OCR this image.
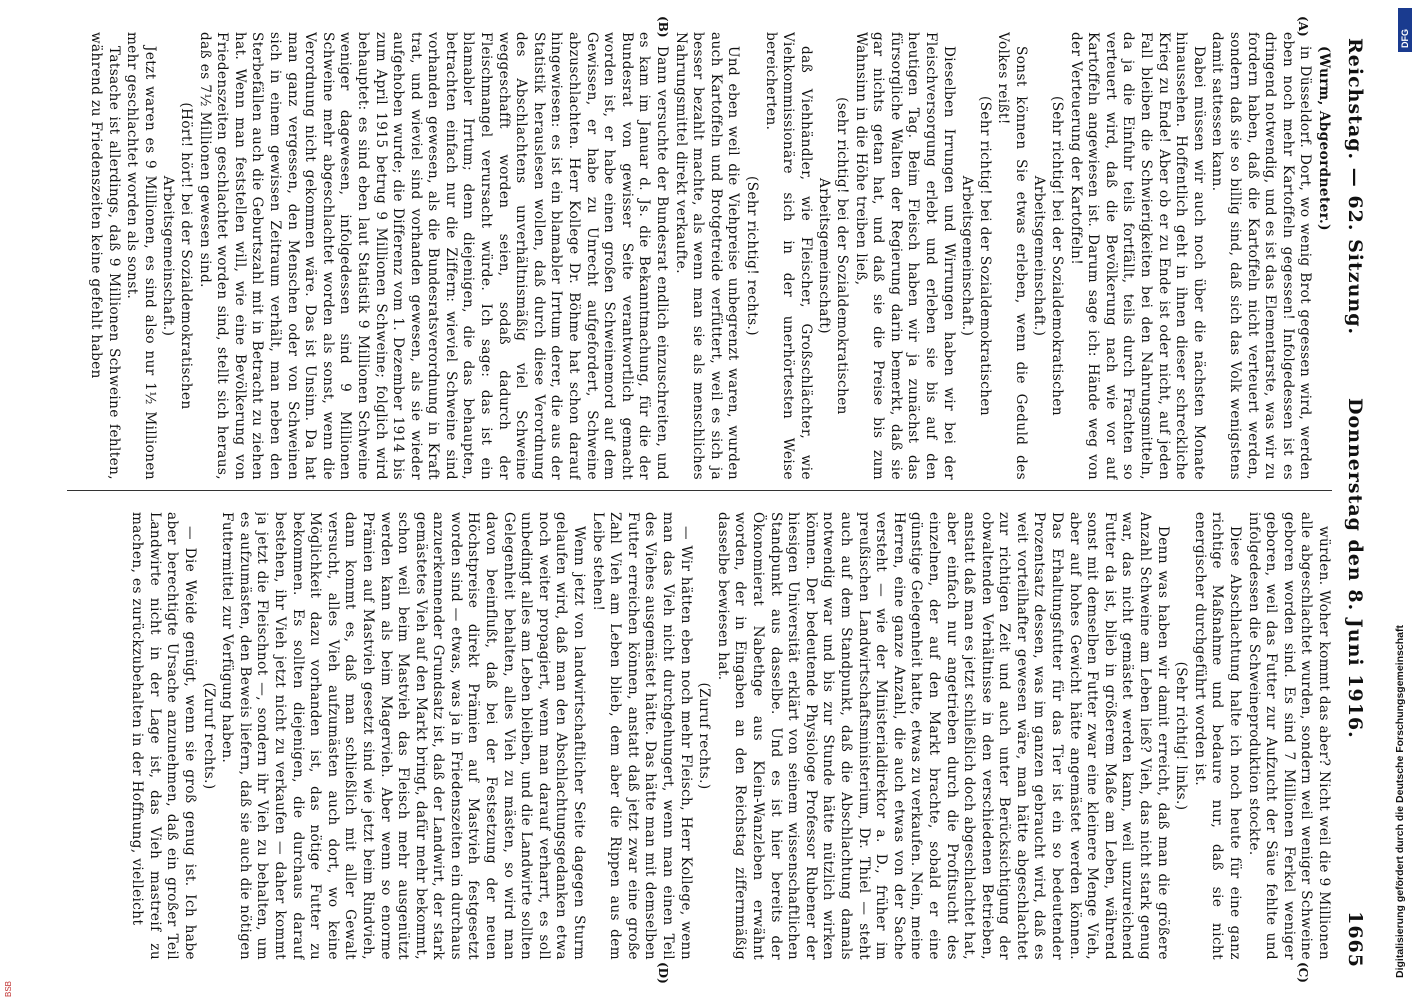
Reichstag. — 62. Sitzung.
Donnerstag den 8. Juni 1916.
1665
(A)
(B)
(C)
(D)

(Wurm, Abgeordneter.)

in Düsseldorf. Dort, wo wenig Brot gegessen wird, werden eben noch mehr Kartoffeln gegessen! Infolgedessen ist es dringend notwendig, und es ist das Elementarste, was wir zu fordern haben, daß die Kartoffeln nicht verteuert werden, sondern daß sie so billig sind, daß sich das Volk wenigstens damit sattessen kann.

Dabei müssen wir auch noch über die nächsten Monate hinaussehen. Hoffentlich geht in ihnen dieser schreckliche Krieg zu Ende! Aber ob er zu Ende ist oder nicht, auf jeden Fall bleiben die Schwierigkeiten bei den Nahrungsmitteln, da ja die Einfuhr teils fortfällt, teils durch Frachten so verteuert wird, daß die Bevölkerung nach wie vor auf Kartoffeln angewiesen ist. Darum sage ich: Hände weg von der Verteuerung der Kartoffeln!

(Sehr richtig! bei der Sozialdemokratischen Arbeitsgemeinschaft.)

Sonst können Sie etwas erleben, wenn die Geduld des Volkes reißt!

(Sehr richtig! bei der Sozialdemokratischen Arbeitsgemeinschaft.)

Dieselben Irrungen und Wirrungen haben wir bei der Fleischversorgung erlebt und erleben sie bis auf den heutigen Tag. Beim Fleisch haben wir ja zunächst das fürsorgliche Walten der Regierung darin bemerkt, daß sie gar nichts getan hat, und daß sie die Preise bis zum Wahnsinn in die Höhe treiben ließ,

(sehr richtig! bei der Sozialdemokratischen Arbeitsgemeinschaft)

daß Viehhändler, wie Fleischer, Großschlächter, wie Viehkommissionäre sich in der unerhörtesten Weise bereicherten.

(Sehr richtig! rechts.)

Und eben weil die Viehpreise unbegrenzt waren, wurden auch Kartoffeln und Brotgetreide verfüttert, weil es sich ja besser bezahlt machte, als wenn man sie als menschliches Nahrungsmittel direkt verkaufte.

Dann versuchte der Bundesrat endlich einzuschreiten, und es kam im Januar d. Js. die Bekanntmachung, für die der Bundesrat von gewisser Seite verantwortlich gemacht worden ist, er habe einen großen Schweinemord auf dem Gewissen, er habe zu Unrecht aufgefordert, Schweine abzuschlachten. Herr Kollege Dr. Böhme hat schon darauf hingewiesen: es ist ein blamabler Irrtum derer, die aus der Statistik herauslesen wollen, daß durch diese Verordnung des Abschlachtens unverhältnismäßig viel Schweine weggeschafft worden seien, sodaß dadurch der Fleischmangel verursacht würde. Ich sage: das ist ein blamabler Irrtum; denn diejenigen, die das behaupten, betrachten einfach nur die Ziffern: wieviel Schweine sind vorhanden gewesen, als die Bundesratsverordnung in Kraft trat, und wieviel sind vorhanden gewesen, als sie wieder aufgehoben wurde; die Differenz vom 1. Dezember 1914 bis zum April 1915 betrug 9 Millionen Schweine; folglich wird behauptet: es sind eben laut Statistik 9 Millionen Schweine weniger dagewesen, infolgedessen sind 9 Millionen Schweine mehr abgeschlachtet worden als sonst, wenn die Verordnung nicht gekommen wäre. Das ist Unsinn. Da hat man ganz vergessen, den Menschen oder von Schweinen sich in einem gewissen Zeitraum verhält, man neben den Sterbefällen auch die Geburtszahl mit in Betracht zu ziehen hat. Wenn man feststellen will, wie eine Bevölkerung von Friedenszeiten geschlachtet worden sind, stellt sich heraus, daß es 7½ Millionen gewesen sind.

(Hört! hört! bei der Sozialdemokratischen Arbeitsgemeinschaft.)

Jetzt waren es 9 Millionen, es sind also nur 1½ Millionen mehr geschlachtet worden als sonst.

Tatsache ist allerdings, daß 9 Millionen Schweine fehlten, während zu Friedenszeiten keine gefehlt haben

würden. Woher kommt das aber? Nicht weil die 9 Millionen alle abgeschlachtet wurden, sondern weil weniger Schweine geboren worden sind. Es sind 7 Millionen Ferkel weniger geboren, weil das Futter zur Aufzucht der Säue fehlte und infolgedessen die Schweineproduktion stockte.

Diese Abschlachtung halte ich noch heute für eine ganz richtige Maßnahme und bedaure nur, daß sie nicht energischer durchgeführt worden ist.

(Sehr richtig! links.)

Denn was haben wir damit erreicht, daß man die größere Anzahl Schweine am Leben ließ? Vieh, das nicht stark genug war, das nicht gemästet werden kann, weil unzureichend Futter da ist, blieb in größerem Maße am Leben, während sonst mit demselben Futter zwar eine kleinere Menge Vieh, aber auf hohes Gewicht hätte angemästet werden können. Das Erhaltungsfutter für das Tier ist ein so bedeutender Prozentsatz dessen, was im ganzen gebraucht wird, daß es weit vorteilhafter gewesen wäre, man hätte abgeschlachtet zur richtigen Zeit und auch unter Berücksichtigung der obwaltenden Verhältnisse in den verschiedenen Betrieben, anstatt daß man es jetzt schließlich doch abgeschlachtet hat, aber einfach nur angetrieben durch die Profitsucht des einzelnen, der auf den Markt brachte, sobald er eine günstige Gelegenheit hatte, etwas zu verkaufen. Nein, meine Herren, eine ganze Anzahl, die auch etwas von der Sache versteht — wie der Ministerialdirektor a. D., früher im preußischen Landwirtschaftsministerium, Dr. Thiel — steht auch auf dem Standpunkt, daß die Abschlachtung damals notwendig war und bis zur Stunde hätte nützlich wirken können. Der bedeutende Physiologe Professor Rubener der hiesigen Universität erklärt von seinem wissenschaftlichen Standpunkt aus dasselbe. Und es ist hier bereits der Ökonomierat Nabethge aus Klein-Wanzleben erwähnt worden, der in Eingaben an den Reichstag ziffernmäßig dasselbe bewiesen hat.

(Zuruf rechts.)

— Wir hätten eben noch mehr Fleisch, Herr Kollege, wenn man das Vieh nicht durchgehungert, wenn man einen Teil des Viehes ausgemästet hätte. Das hätte man mit demselben Futter erreichen können, anstatt daß jetzt zwar eine große Zahl Vieh am Leben blieb, dem aber die Rippen aus dem Leibe stehen!

Wenn jetzt von landwirtschaftlicher Seite dagegen Sturm gelaufen wird, daß man den Abschlachtungsgedanken etwa noch weiter propagiert, wenn man darauf verharrt, es soll unbedingt alles am Leben bleiben, und die Landwirte sollten Gelegenheit behalten, alles Vieh zu mästen, so wird man davon beeinflußt, daß bei der Festsetzung der neuen Höchstpreise direkt Prämien auf Mastvieh festgesetzt worden sind — etwas, was ja in Friedenszeiten ein durchaus anzuerkennender Grundsatz ist, daß der Landwirt, der stark gemästetes Vieh auf den Markt bringt, dafür mehr bekommt, schon weil beim Mastvieh das Fleisch mehr ausgenützt werden kann als beim Magervieh. Aber wenn so enorme Prämien auf Mastvieh gesetzt sind wie jetzt beim Rindvieh, dann kommt es, daß man schließlich mit aller Gewalt versucht, alles Vieh aufzumästen auch dort, wo keine Möglichkeit dazu vorhanden ist, das nötige Futter zu bekommen. Es sollten diejenigen, die durchaus darauf bestehen, ihr Vieh jetzt nicht zu verkaufen — daher kommt ja jetzt die Fleischnot —, sondern ihr Vieh zu behalten, um es aufzumästen, den Beweis liefern, daß sie auch die nötigen Futtermittel zur Verfügung haben.

(Zuruf rechts.)

— Die Weide genügt, wenn sie groß genug ist. Ich habe aber berechtigte Ursache anzunehmen, daß ein großer Teil Landwirte nicht in der Lage ist, das Vieh mastreif zu machen, es zurückzubehalten in der Hoffnung, vielleicht

DFG
Digitalisierung gefördert durch die Deutsche Forschungsgemeinschaft
BSB
